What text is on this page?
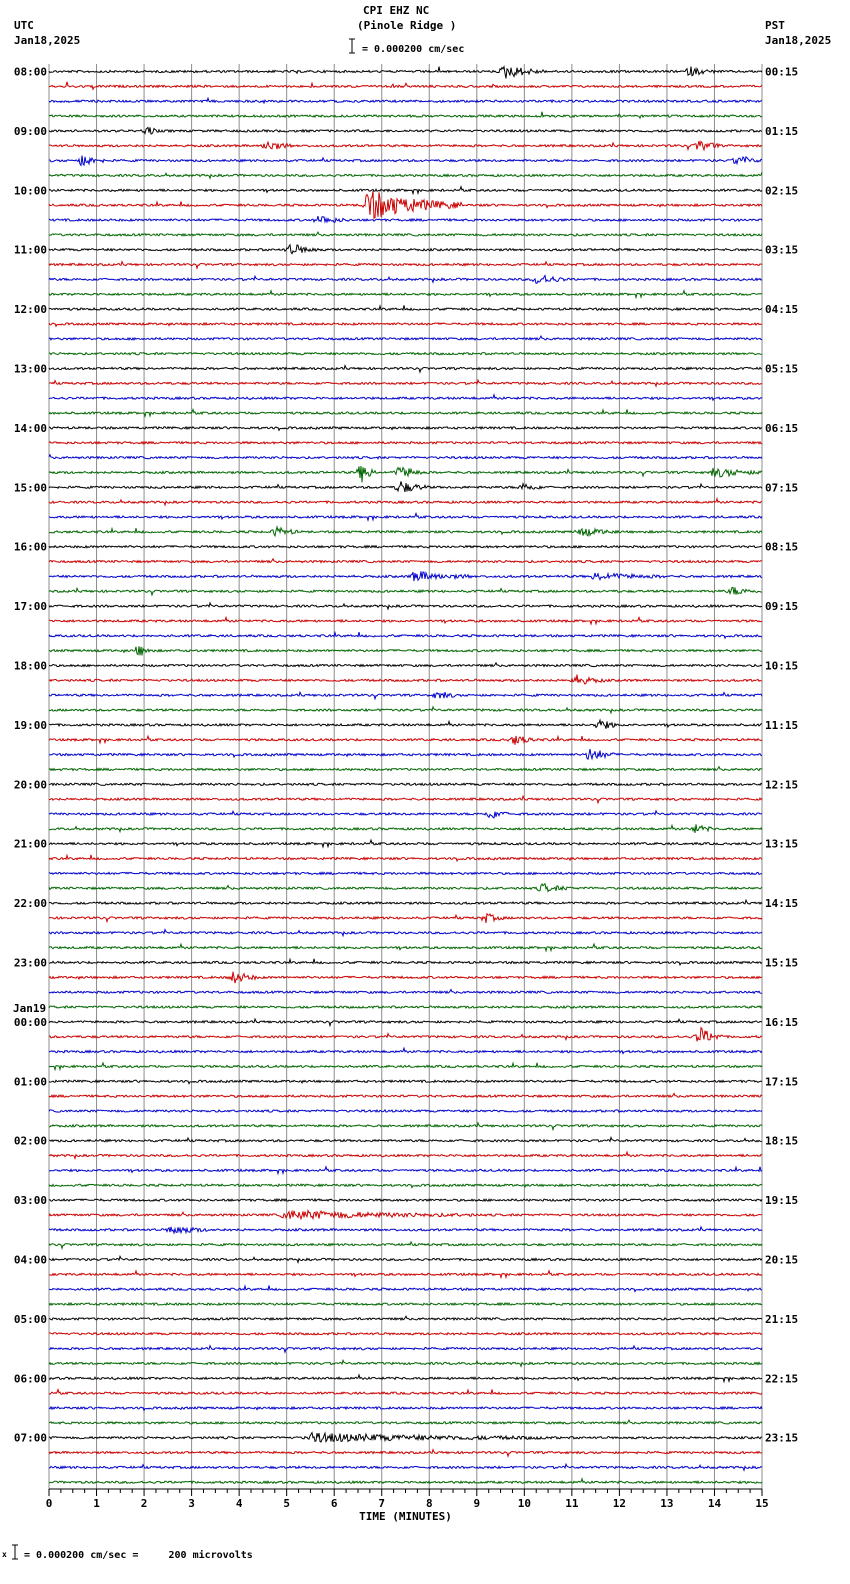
CPI EHZ NC

(Pinole Ridge )

= 0.000200 cm/sec

UTC

Jan18,2025

PST

Jan18,2025

0	1	2	3	4	5	6	7	8	9	10	11	12	13	14	15
TIME (MINUTES)
08:00
09:00
10:00
11:00
12:00
13:00
14:00
15:00
16:00
17:00
18:00
19:00
20:00
21:00
22:00
23:00
00:00
01:00
02:00
03:00
04:00
05:00
06:00
07:00
00:15
01:15
02:15
03:15
04:15
05:15
06:15
07:15
08:15
09:15
10:15
11:15
12:15
13:15
14:15
15:15
16:15
17:15
18:15
19:15
20:15
21:15
22:15
23:15
Jan19

x = 0.000200 cm/sec =     200 microvolts
